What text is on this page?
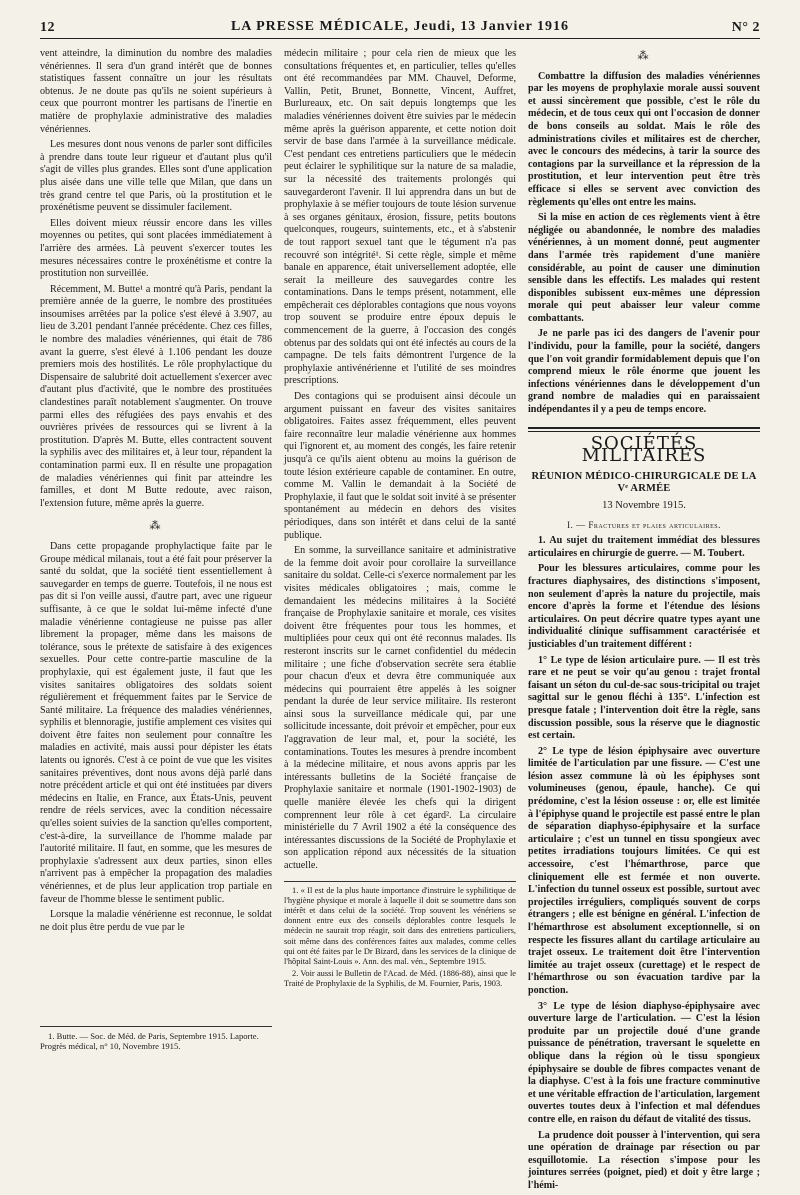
12	LA PRESSE MÉDICALE, Jeudi, 13 Janvier 1916	N° 2

vent atteindre, la diminution du nombre des maladies vénériennes. Il sera d'un grand intérêt que de bonnes statistiques fassent connaître un jour les résultats obtenus. Je ne doute pas qu'ils ne soient supérieurs à ceux que pourront montrer les partisans de l'inertie en matière de prophylaxie administrative des maladies vénériennes.

Les mesures dont nous venons de parler sont difficiles à prendre dans toute leur rigueur et d'autant plus qu'il s'agit de villes plus grandes. Elles sont d'une application plus aisée dans une ville telle que Milan, que dans un très grand centre tel que Paris, où la prostitution et le proxénétisme peuvent se dissimuler facilement.

Elles doivent mieux réussir encore dans les villes moyennes ou petites, qui sont placées immédiatement à l'arrière des armées. Là peuvent s'exercer toutes les mesures nécessaires contre le proxénétisme et contre la prostitution non surveillée.

Récemment, M. Butte¹ a montré qu'à Paris, pendant la première année de la guerre, le nombre des prostituées insoumises arrêtées par la police s'est élevé à 3.907, au lieu de 3.201 pendant l'année précédente. Chez ces filles, le nombre des maladies vénériennes, qui était de 786 avant la guerre, s'est élevé à 1.106 pendant les douze premiers mois des hostilités. Le rôle prophylactique du Dispensaire de salubrité doit actuellement s'exercer avec d'autant plus d'activité, que le nombre des prostituées clandestines paraît notablement s'augmenter. On trouve parmi elles des réfugiées des pays envahis et des ouvrières privées de ressources qui se livrent à la prostitution. D'après M. Butte, elles contractent souvent la syphilis avec des militaires et, à leur tour, répandent la contamination parmi eux. Il en résulte une propagation de maladies vénériennes qui finit par atteindre les familles, et dont M Butte redoute, avec raison, l'extension future, même après la guerre.

⁂

Dans cette propagande prophylactique faite par le Groupe médical milanais, tout a été fait pour préserver la santé du soldat, que la société tient essentiellement à sauvegarder en temps de guerre. Toutefois, il ne nous est pas dit si l'on veille aussi, d'autre part, avec une rigueur suffisante, à ce que le soldat lui-même infecté d'une maladie vénérienne contagieuse ne puisse pas aller librement la propager, même dans les maisons de tolérance, sous le prétexte de satisfaire à des exigences sexuelles. Pour cette contre-partie masculine de la prophylaxie, qui est également juste, il faut que les visites sanitaires obligatoires des soldats soient régulièrement et fréquemment faites par le Service de Santé militaire. La fréquence des maladies vénériennes, syphilis et blennoragie, justifie amplement ces visites qui doivent être faites non seulement pour connaître les maladies en activité, mais aussi pour dépister les états latents ou ignorés. C'est à ce point de vue que les visites sanitaires préventives, dont nous avons déjà parlé dans notre précédent article et qui ont été instituées par divers médecins en Italie, en France, aux États-Unis, peuvent rendre de réels services, avec la condition nécessaire qu'elles soient suivies de la sanction qu'elles comportent, c'est-à-dire, la surveillance de l'homme malade par l'autorité militaire. Il faut, en somme, que les mesures de prophylaxie s'adressent aux deux parties, sinon elles n'arrivent pas à empêcher la propagation des maladies vénériennes, et de plus leur application trop partiale en faveur de l'homme blesse le sentiment public.

Lorsque la maladie vénérienne est reconnue, le soldat ne doit plus être perdu de vue par le

1. Butte. — Soc. de Méd. de Paris, Septembre 1915. Laporte. Progrès médical, n° 10, Novembre 1915.

médecin militaire ; pour cela rien de mieux que les consultations fréquentes et, en particulier, telles qu'elles ont été recommandées par MM. Chauvel, Deforme, Vallin, Petit, Brunet, Bonnette, Vincent, Auffret, Burlureaux, etc. On sait depuis longtemps que les maladies vénériennes doivent être suivies par le médecin même après la guérison apparente, et cette notion doit servir de base dans l'armée à la surveillance médicale. C'est pendant ces entretiens particuliers que le médecin peut éclairer le syphilitique sur la nature de sa maladie, sur la nécessité des traitements prolongés qui sauvegarderont l'avenir. Il lui apprendra dans un but de prophylaxie à se méfier toujours de toute lésion survenue à ses organes génitaux, érosion, fissure, petits boutons quelconques, rougeurs, suintements, etc., et à s'abstenir de tout rapport sexuel tant que le tégument n'a pas recouvré son intégrité¹. Si cette règle, simple et même banale en apparence, était universellement adoptée, elle serait la meilleure des sauvegardes contre les contaminations. Dans le temps présent, notamment, elle empêcherait ces déplorables contagions que nous voyons trop souvent se produire entre époux depuis le commencement de la guerre, à l'occasion des congés obtenus par des soldats qui ont été infectés au cours de la campagne. De tels faits démontrent l'urgence de la prophylaxie antivénérienne et l'utilité de ses moindres prescriptions.

Des contagions qui se produisent ainsi découle un argument puissant en faveur des visites sanitaires obligatoires. Faites assez fréquemment, elles peuvent faire reconnaître leur maladie vénérienne aux hommes qui l'ignorent et, au moment des congés, les faire retenir jusqu'à ce qu'ils aient obtenu au moins la guérison de toute lésion extérieure capable de contaminer. En outre, comme M. Vallin le demandait à la Société de Prophylaxie, il faut que le soldat soit invité à se présenter spontanément au médecin en dehors des visites périodiques, dans son intérêt et dans celui de la santé publique.

En somme, la surveillance sanitaire et administrative de la femme doit avoir pour corollaire la surveillance sanitaire du soldat. Celle-ci s'exerce normalement par les visites médicales obligatoires ; mais, comme le demandaient les médecins militaires à la Société française de Prophylaxie sanitaire et morale, ces visites doivent être fréquentes pour tous les hommes, et multipliées pour ceux qui ont été reconnus malades. Ils resteront inscrits sur le carnet confidentiel du médecin militaire ; une fiche d'observation secrète sera établie pour chacun d'eux et devra être communiquée aux médecins qui pourraient être appelés à les soigner pendant la durée de leur service militaire. Ils resteront ainsi sous la surveillance médicale qui, par une sollicitude incessante, doit prévoir et empêcher, pour eux l'aggravation de leur mal, et, pour la société, les contaminations. Toutes les mesures à prendre incombent à la médecine militaire, et nous avons appris par les intéressants bulletins de la Société française de Prophylaxie sanitaire et normale (1901-1902-1903) de quelle manière élevée les chefs qui la dirigent comprennent leur rôle à cet égard². La circulaire ministérielle du 7 Avril 1902 a été la conséquence des intéressantes discussions de la Société de Prophylaxie et son application répond aux nécessités de la situation actuelle.

1. « Il est de la plus haute importance d'instruire le syphilitique de l'hygiène physique et morale à laquelle il doit se soumettre dans son intérêt et dans celui de la société. Trop souvent les vénériens se donnent entre eux des conseils déplorables contre lesquels le médecin ne saurait trop réagir, soit dans des entretiens particuliers, soit même dans des conférences faites aux malades, comme celles qui ont été faites par le Dr Bizard, dans les services de la clinique de l'hôpital Saint-Louis ». Ann. des mal. vén., Septembre 1915.

2. Voir aussi le Bulletin de l'Acad. de Méd. (1886-88), ainsi que le Traité de Prophylaxie de la Syphilis, de M. Fournier, Paris, 1903.

⁂

Combattre la diffusion des maladies vénériennes par les moyens de prophylaxie morale aussi souvent et aussi sincèrement que possible, c'est le rôle du médecin, et de tous ceux qui ont l'occasion de donner de bons conseils au soldat. Mais le rôle des administrations civiles et militaires est de chercher, avec le concours des médecins, à tarir la source des contagions par la surveillance et la répression de la prostitution, et leur intervention peut être très efficace si elles se servent avec conviction des règlements qu'elles ont entre les mains.

Si la mise en action de ces règlements vient à être négligée ou abandonnée, le nombre des maladies vénériennes, à un moment donné, peut augmenter dans l'armée très rapidement d'une manière considérable, au point de causer une diminution sensible dans les effectifs. Les malades qui restent disponibles subissent eux-mêmes une dépression morale qui peut abaisser leur valeur comme combattants.

Je ne parle pas ici des dangers de l'avenir pour l'individu, pour la famille, pour la société, dangers que l'on voit grandir formidablement depuis que l'on comprend mieux le rôle énorme que jouent les infections vénériennes dans le développement d'un grand nombre de maladies qui en paraissaient indépendantes il y a peu de temps encore.

SOCIÉTÉS MILITAIRES
RÉUNION MÉDICO-CHIRURGICALE DE LA Vᵉ ARMÉE
13 Novembre 1915.
I. — Fractures et plaies articulaires.

1. Au sujet du traitement immédiat des blessures articulaires en chirurgie de guerre. — M. Toubert.

Pour les blessures articulaires, comme pour les fractures diaphysaires, des distinctions s'imposent, non seulement d'après la nature du projectile, mais encore d'après la forme et l'étendue des lésions articulaires. On peut décrire quatre types ayant une individualité clinique suffisamment caractérisée et justiciables d'un traitement différent :

1° Le type de lésion articulaire pure. — Il est très rare et ne peut se voir qu'au genou : trajet frontal faisant un séton du cul-de-sac sous-tricipital ou trajet sagittal sur le genou fléchi à 135°. L'infection est presque fatale ; l'intervention doit être la règle, sans discussion possible, sous la réserve que le diagnostic est certain.

2° Le type de lésion épiphysaire avec ouverture limitée de l'articulation par une fissure. — C'est une lésion assez commune là où les épiphyses sont volumineuses (genou, épaule, hanche). Ce qui prédomine, c'est la lésion osseuse : or, elle est limitée à l'épiphyse quand le projectile est passé entre le plan de séparation diaphyso-épiphysaire et la surface articulaire ; c'est un tunnel en tissu spongieux avec petites irradiations toujours limitées. Ce qui est accessoire, c'est l'hémarthrose, parce que cliniquement elle est fermée et non ouverte. L'infection du tunnel osseux est possible, surtout avec projectiles irréguliers, compliqués souvent de corps étrangers ; elle est bénigne en général. L'infection de l'hémarthrose est absolument exceptionnelle, si on respecte les fissures allant du cartilage articulaire au trajet osseux. Le traitement doit être l'intervention limitée au trajet osseux (curettage) et le respect de l'hémarthrose ou son évacuation tardive par la ponction.

3° Le type de lésion diaphyso-épiphysaire avec ouverture large de l'articulation. — C'est la lésion produite par un projectile doué d'une grande puissance de pénétration, traversant le squelette en oblique dans la région où le tissu spongieux épiphysaire se double de fibres compactes venant de la diaphyse. C'est à la fois une fracture comminutive et une véritable effraction de l'articulation, largement ouvertes toutes deux à l'infection et mal défendues contre elle, en raison du défaut de vitalité des tissus.

La prudence doit pousser à l'intervention, qui sera une opération de drainage par résection ou par esquillotomie. La résection s'impose pour les jointures serrées (poignet, pied) et doit y être large ; l'hémi-
